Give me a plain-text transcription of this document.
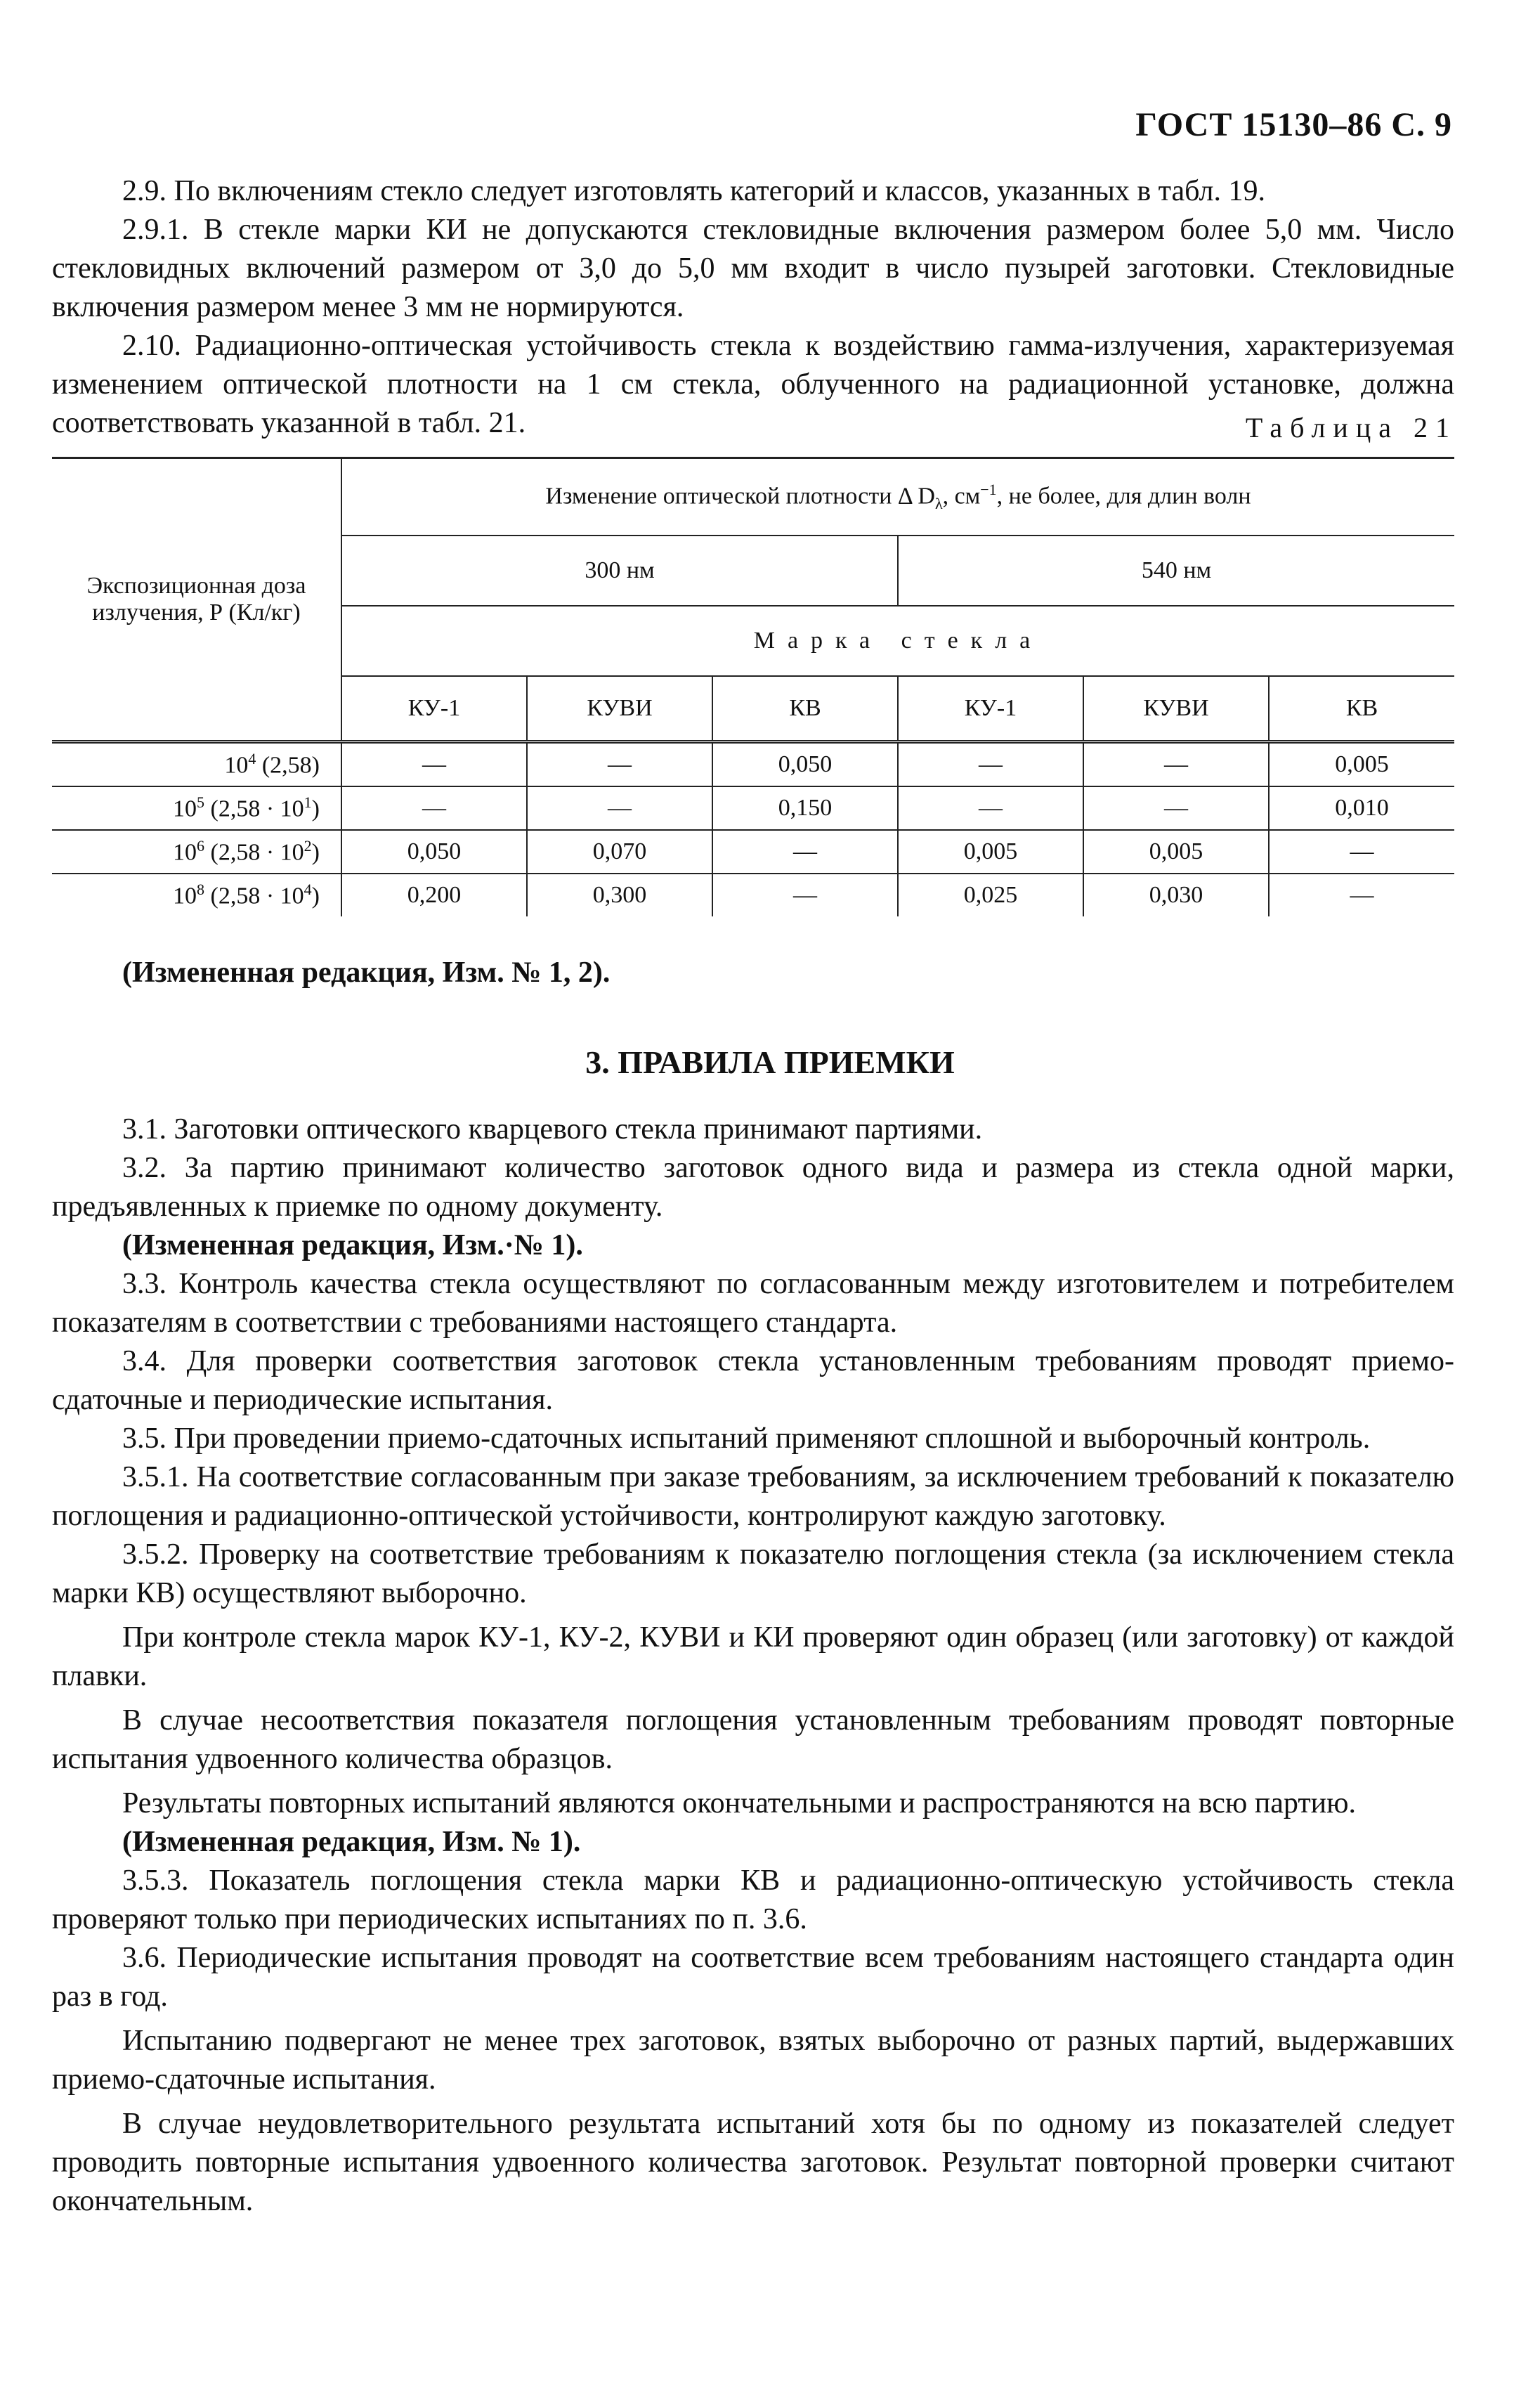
ГОСТ 15130–86 С. 9

2.9. По включениям стекло следует изготовлять категорий и классов, указанных в табл. 19.

2.9.1. В стекле марки КИ не допускаются стекловидные включения размером более 5,0 мм. Число стекловидных включений размером от 3,0 до 5,0 мм входит в число пузырей заготовки. Стекловидные включения размером менее 3 мм не нормируются.

2.10. Радиационно-оптическая устойчивость стекла к воздействию гамма-излучения, характеризуемая изменением оптической плотности на 1 см стекла, облученного на радиационной установке, должна соответствовать указанной в табл. 21.	Таблица 21
Экспозиционная доза излучения, Р (Кл/кг)	Изменение оптической плотности Δ $D_\lambda$, $см^{-1}$, не более, для длин волн					
	300 нм			540 нм		
	Марка стекла					
	КУ-1	КУВИ	КВ	КУ-1	КУВИ	КВ
$10^4$ (2,58)	—	—	0,050	—	—	0,005
$10^5$ $(2,58 \cdot 10^1)$	—	—	0,150	—	—	0,010
$10^6$ $(2,58 \cdot 10^2)$	0,050	0,070	—	0,005	0,005	—
$10^8$ $(2,58 \cdot 10^4)$	0,200	0,300	—	0,025	0,030	—
(Измененная редакция, Изм. № 1, 2).
3. ПРАВИЛА ПРИЕМКИ

3.1. Заготовки оптического кварцевого стекла принимают партиями.

3.2. За партию принимают количество заготовок одного вида и размера из стекла одной марки, предъявленных к приемке по одному документу.

(Измененная редакция, Изм.·№ 1).

3.3. Контроль качества стекла осуществляют по согласованным между изготовителем и потребителем показателям в соответствии с требованиями настоящего стандарта.

3.4. Для проверки соответствия заготовок стекла установленным требованиям проводят приемо-сдаточные и периодические испытания.

3.5. При проведении приемо-сдаточных испытаний применяют сплошной и выборочный контроль.

3.5.1. На соответствие согласованным при заказе требованиям, за исключением требований к показателю поглощения и радиационно-оптической устойчивости, контролируют каждую заготовку.

3.5.2. Проверку на соответствие требованиям к показателю поглощения стекла (за исключением стекла марки КВ) осуществляют выборочно.

При контроле стекла марок КУ-1, КУ-2, КУВИ и КИ проверяют один образец (или заготовку) от каждой плавки.

В случае несоответствия показателя поглощения установленным требованиям проводят повторные испытания удвоенного количества образцов.

Результаты повторных испытаний являются окончательными и распространяются на всю партию.

(Измененная редакция, Изм. № 1).

3.5.3. Показатель поглощения стекла марки КВ и радиационно-оптическую устойчивость стекла проверяют только при периодических испытаниях по п. 3.6.

3.6. Периодические испытания проводят на соответствие всем требованиям настоящего стандарта один раз в год.

Испытанию подвергают не менее трех заготовок, взятых выборочно от разных партий, выдержавших приемо-сдаточные испытания.

В случае неудовлетворительного результата испытаний хотя бы по одному из показателей следует проводить повторные испытания удвоенного количества заготовок. Результат повторной проверки считают окончательным.
